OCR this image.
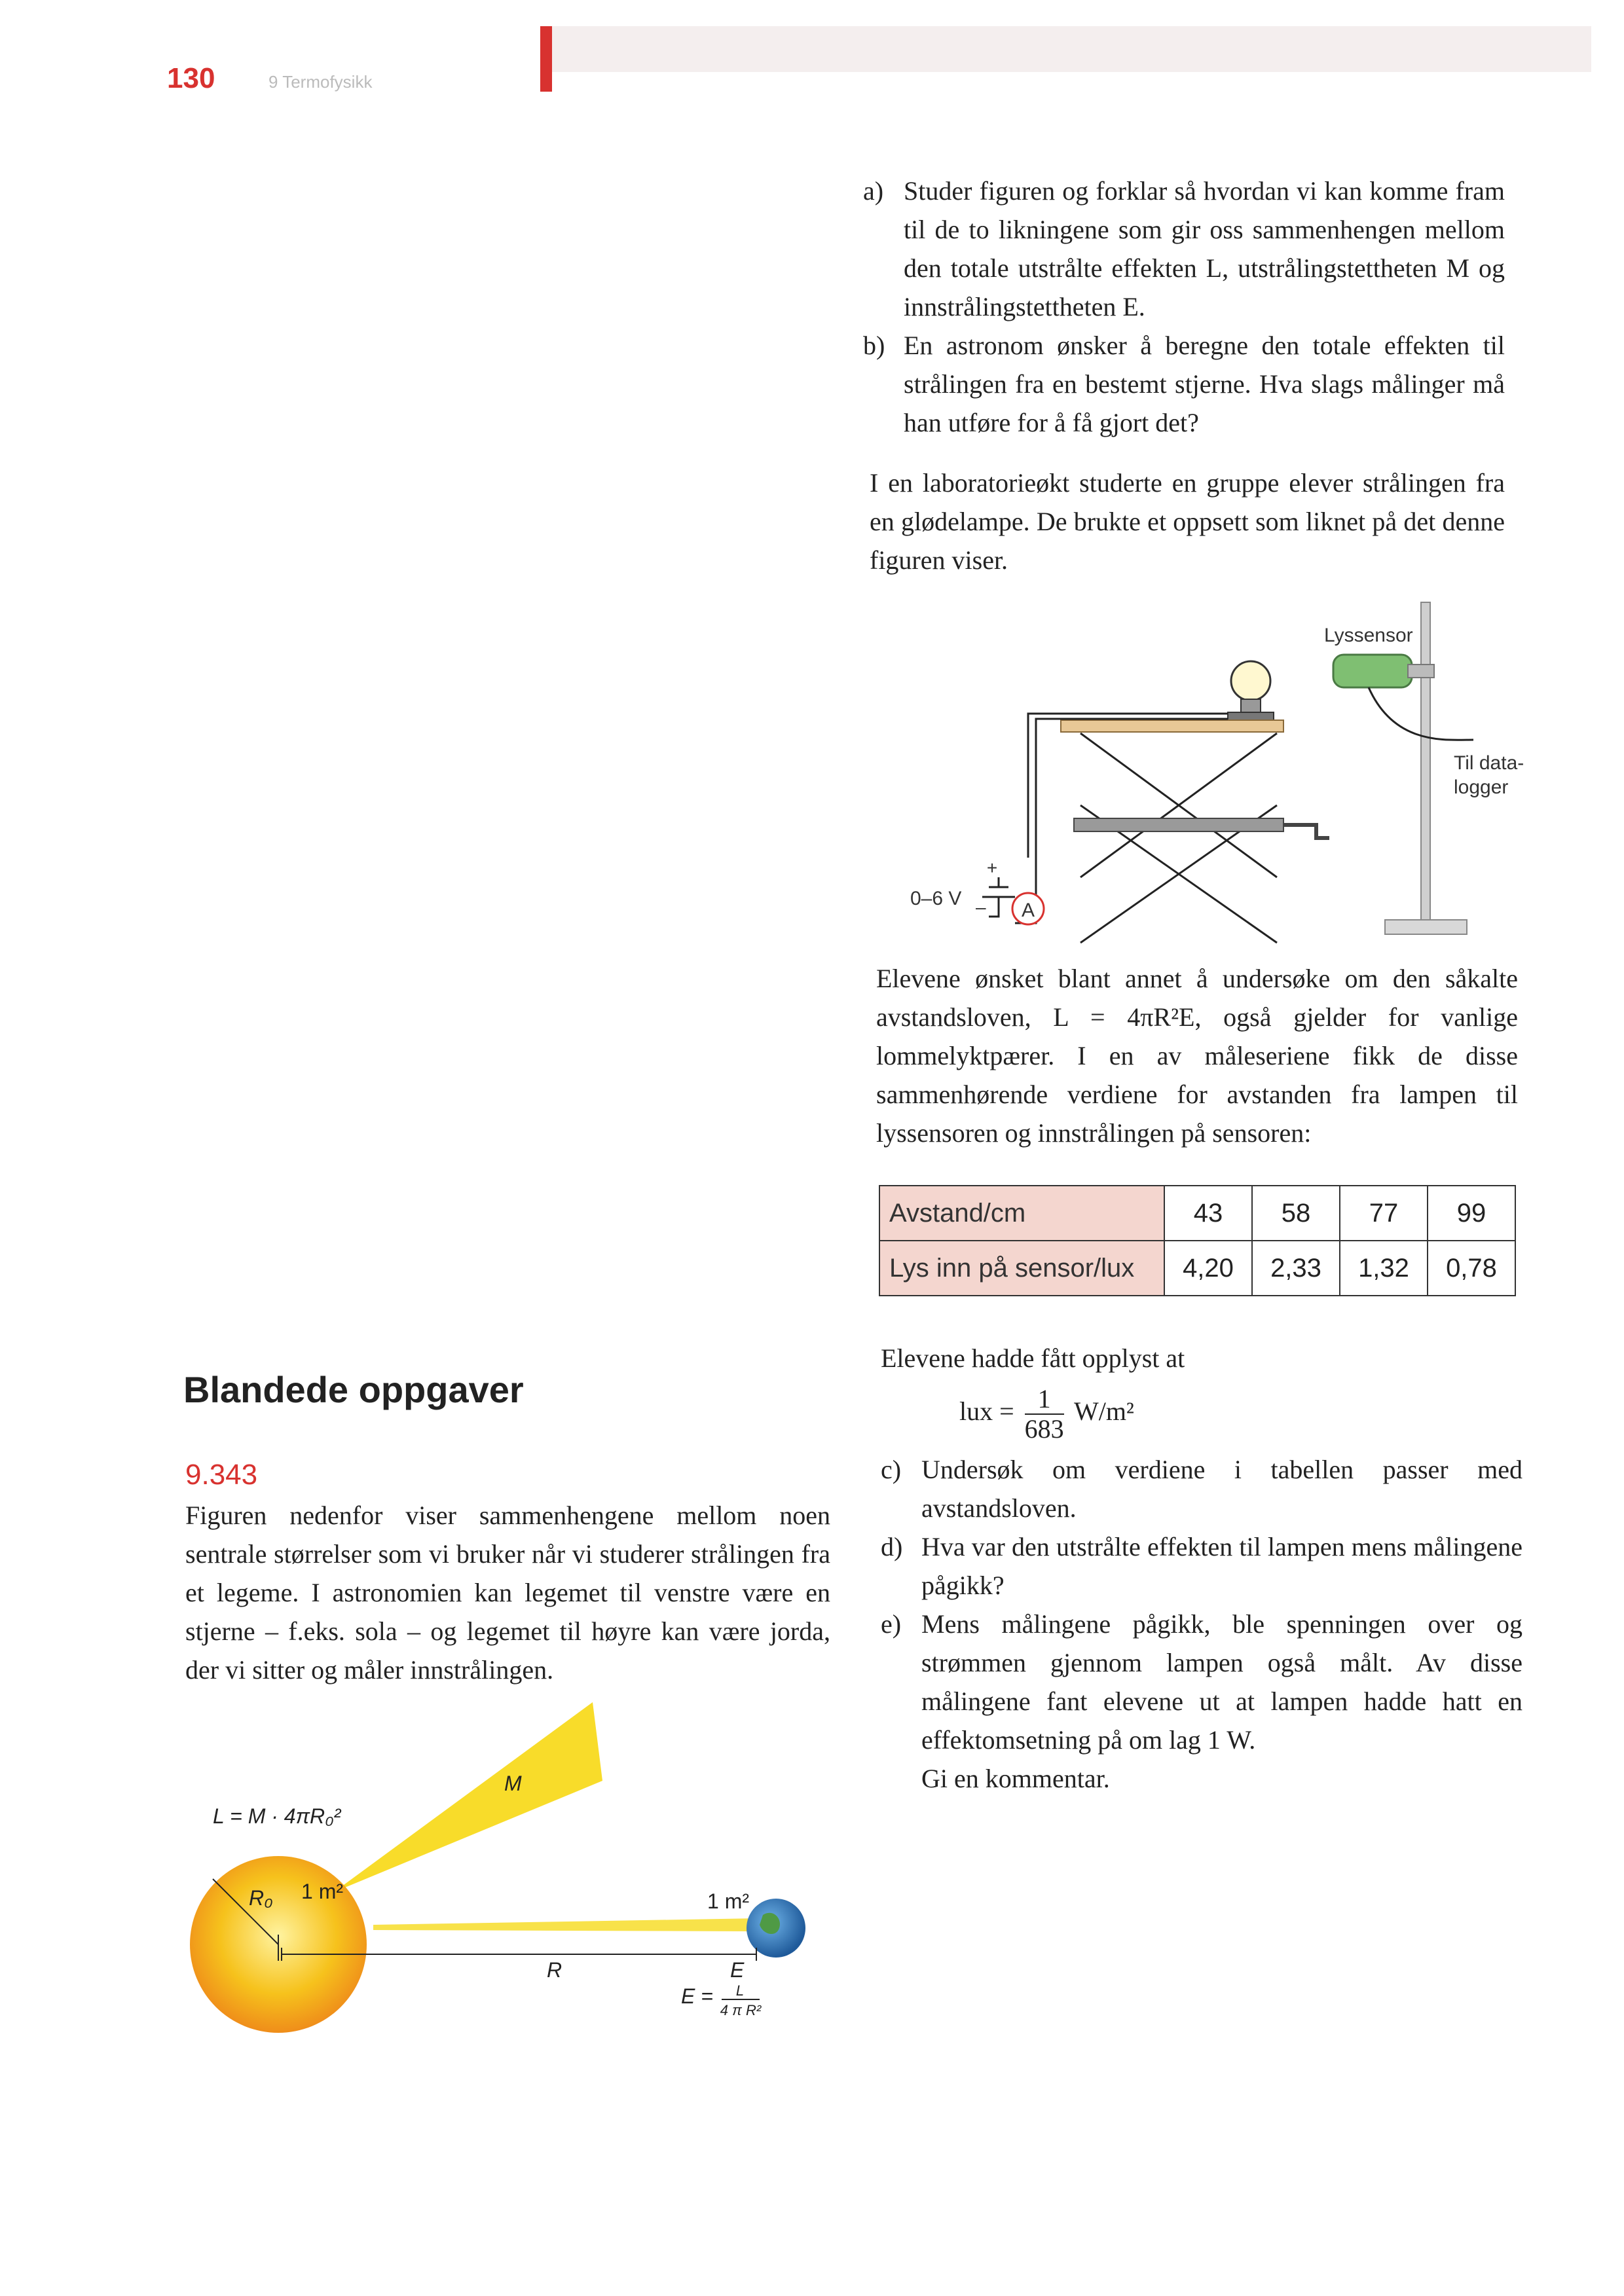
130	9 Termofysikk
a) Studer figuren og forklar så hvordan vi kan komme fram til de to likningene som gir oss sammenhengen mellom den totale utstrålte effekten L, utstrålingstettheten M og innstrålingstettheten E.
b) En astronom ønsker å beregne den totale effekten til strålingen fra en bestemt stjerne. Hva slags målinger må han utføre for å få gjort det?
I en laboratorieøkt studerte en gruppe elever strålingen fra en glødelampe. De brukte et oppsett som liknet på det denne figuren viser.
Lyssensor
Til data-
logger
A
+
–
0–6 V
Elevene ønsket blant annet å undersøke om den såkalte avstandsloven, L = 4πR²E, også gjelder for vanlige lommelyktpærer. I en av måleseriene fikk de disse sammenhørende verdiene for avstanden fra lampen til lyssensoren og innstrålingen på sensoren:
Avstand/cm	43	58	77	99
Lys inn på sensor/lux	4,20	2,33	1,32	0,78
Elevene hadde fått opplyst at
lux = $\frac{1}{683} W/m^2$
c) Undersøk om verdiene i tabellen passer med avstandsloven.
d) Hva var den utstrålte effekten til lampen mens målingene pågikk?
e) Mens målingene pågikk, ble spenningen over og strømmen gjennom lampen også målt. Av disse målingene fant elevene ut at lampen hadde hatt en effektomsetning på om lag 1 W.
Gi en kommentar.
Blandede oppgaver
9.343
Figuren nedenfor viser sammenhengene mellom noen sentrale størrelser som vi bruker når vi studerer strålingen fra et legeme. I astronomien kan legemet til venstre være en stjerne – f.eks. sola – og legemet til høyre kan være jorda, der vi sitter og måler innstrålingen.
L = M · 4πR₀²
M
R₀ 1 m²	1 m²
R	E
E = L
4 π R²
